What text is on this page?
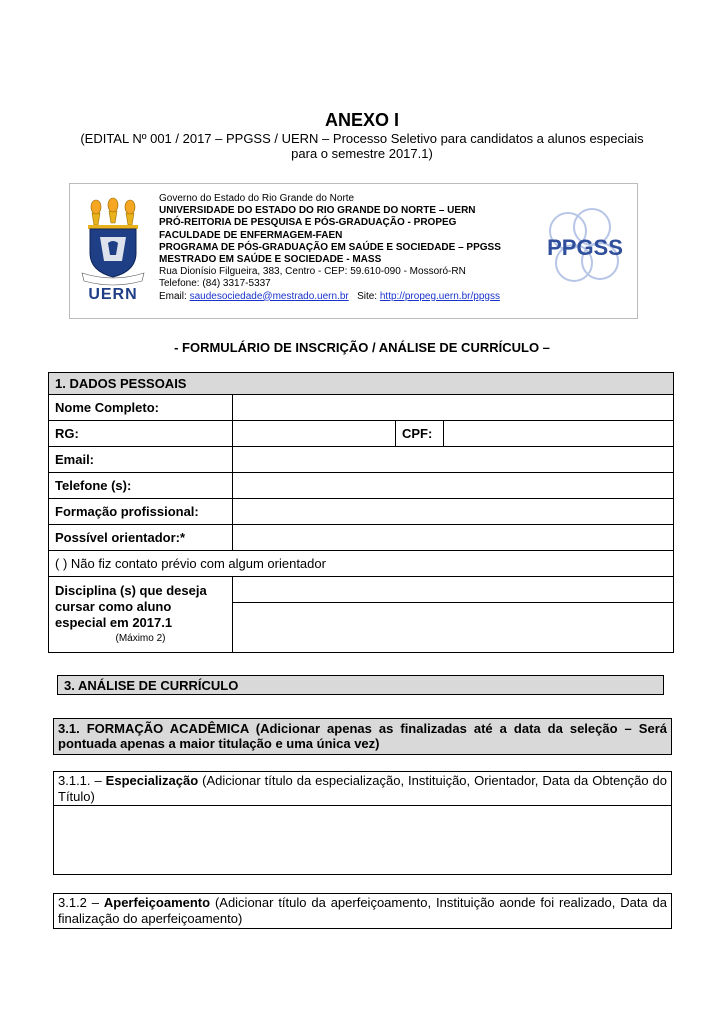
ANEXO I
(EDITAL Nº 001 / 2017 – PPGSS / UERN – Processo Seletivo para candidatos a alunos especiais
para o semestre 2017.1)
UERN
Governo do Estado do Rio Grande do Norte
UNIVERSIDADE DO ESTADO DO RIO GRANDE DO NORTE – UERN
PRÓ-REITORIA DE PESQUISA E PÓS-GRADUAÇÃO - PROPEG
FACULDADE DE ENFERMAGEM-FAEN
PROGRAMA DE PÓS-GRADUAÇÃO EM SAÚDE E SOCIEDADE – PPGSS
MESTRADO EM SAÚDE E SOCIEDADE - MASS
Rua Dionísio Filgueira, 383, Centro - CEP: 59.610-090 - Mossoró-RN
Telefone: (84) 3317-5337
Email: saudesociedade@mestrado.uern.br Site: http://propeg.uern.br/ppgss
PPGSS
- FORMULÁRIO DE INSCRIÇÃO / ANÁLISE DE CURRÍCULO –
1. DADOS PESSOAIS			
Nome Completo:			
RG:		CPF:	
Email:			
Telefone (s):			
Formação profissional:			
Possível orientador:*			
( ) Não fiz contato prévio com algum orientador			
Disciplina (s) que deseja cursar como aluno especial em 2017.1
(Máximo 2)			

3. ANÁLISE DE CURRÍCULO
3.1. FORMAÇÃO ACADÊMICA (Adicionar apenas as finalizadas até a data da seleção – Será pontuada apenas a maior titulação e uma única vez)
3.1.1. – Especialização (Adicionar título da especialização, Instituição, Orientador, Data da Obtenção do Título)
3.1.2 – Aperfeiçoamento (Adicionar título da aperfeiçoamento, Instituição aonde foi realizado, Data da finalização do aperfeiçoamento)
